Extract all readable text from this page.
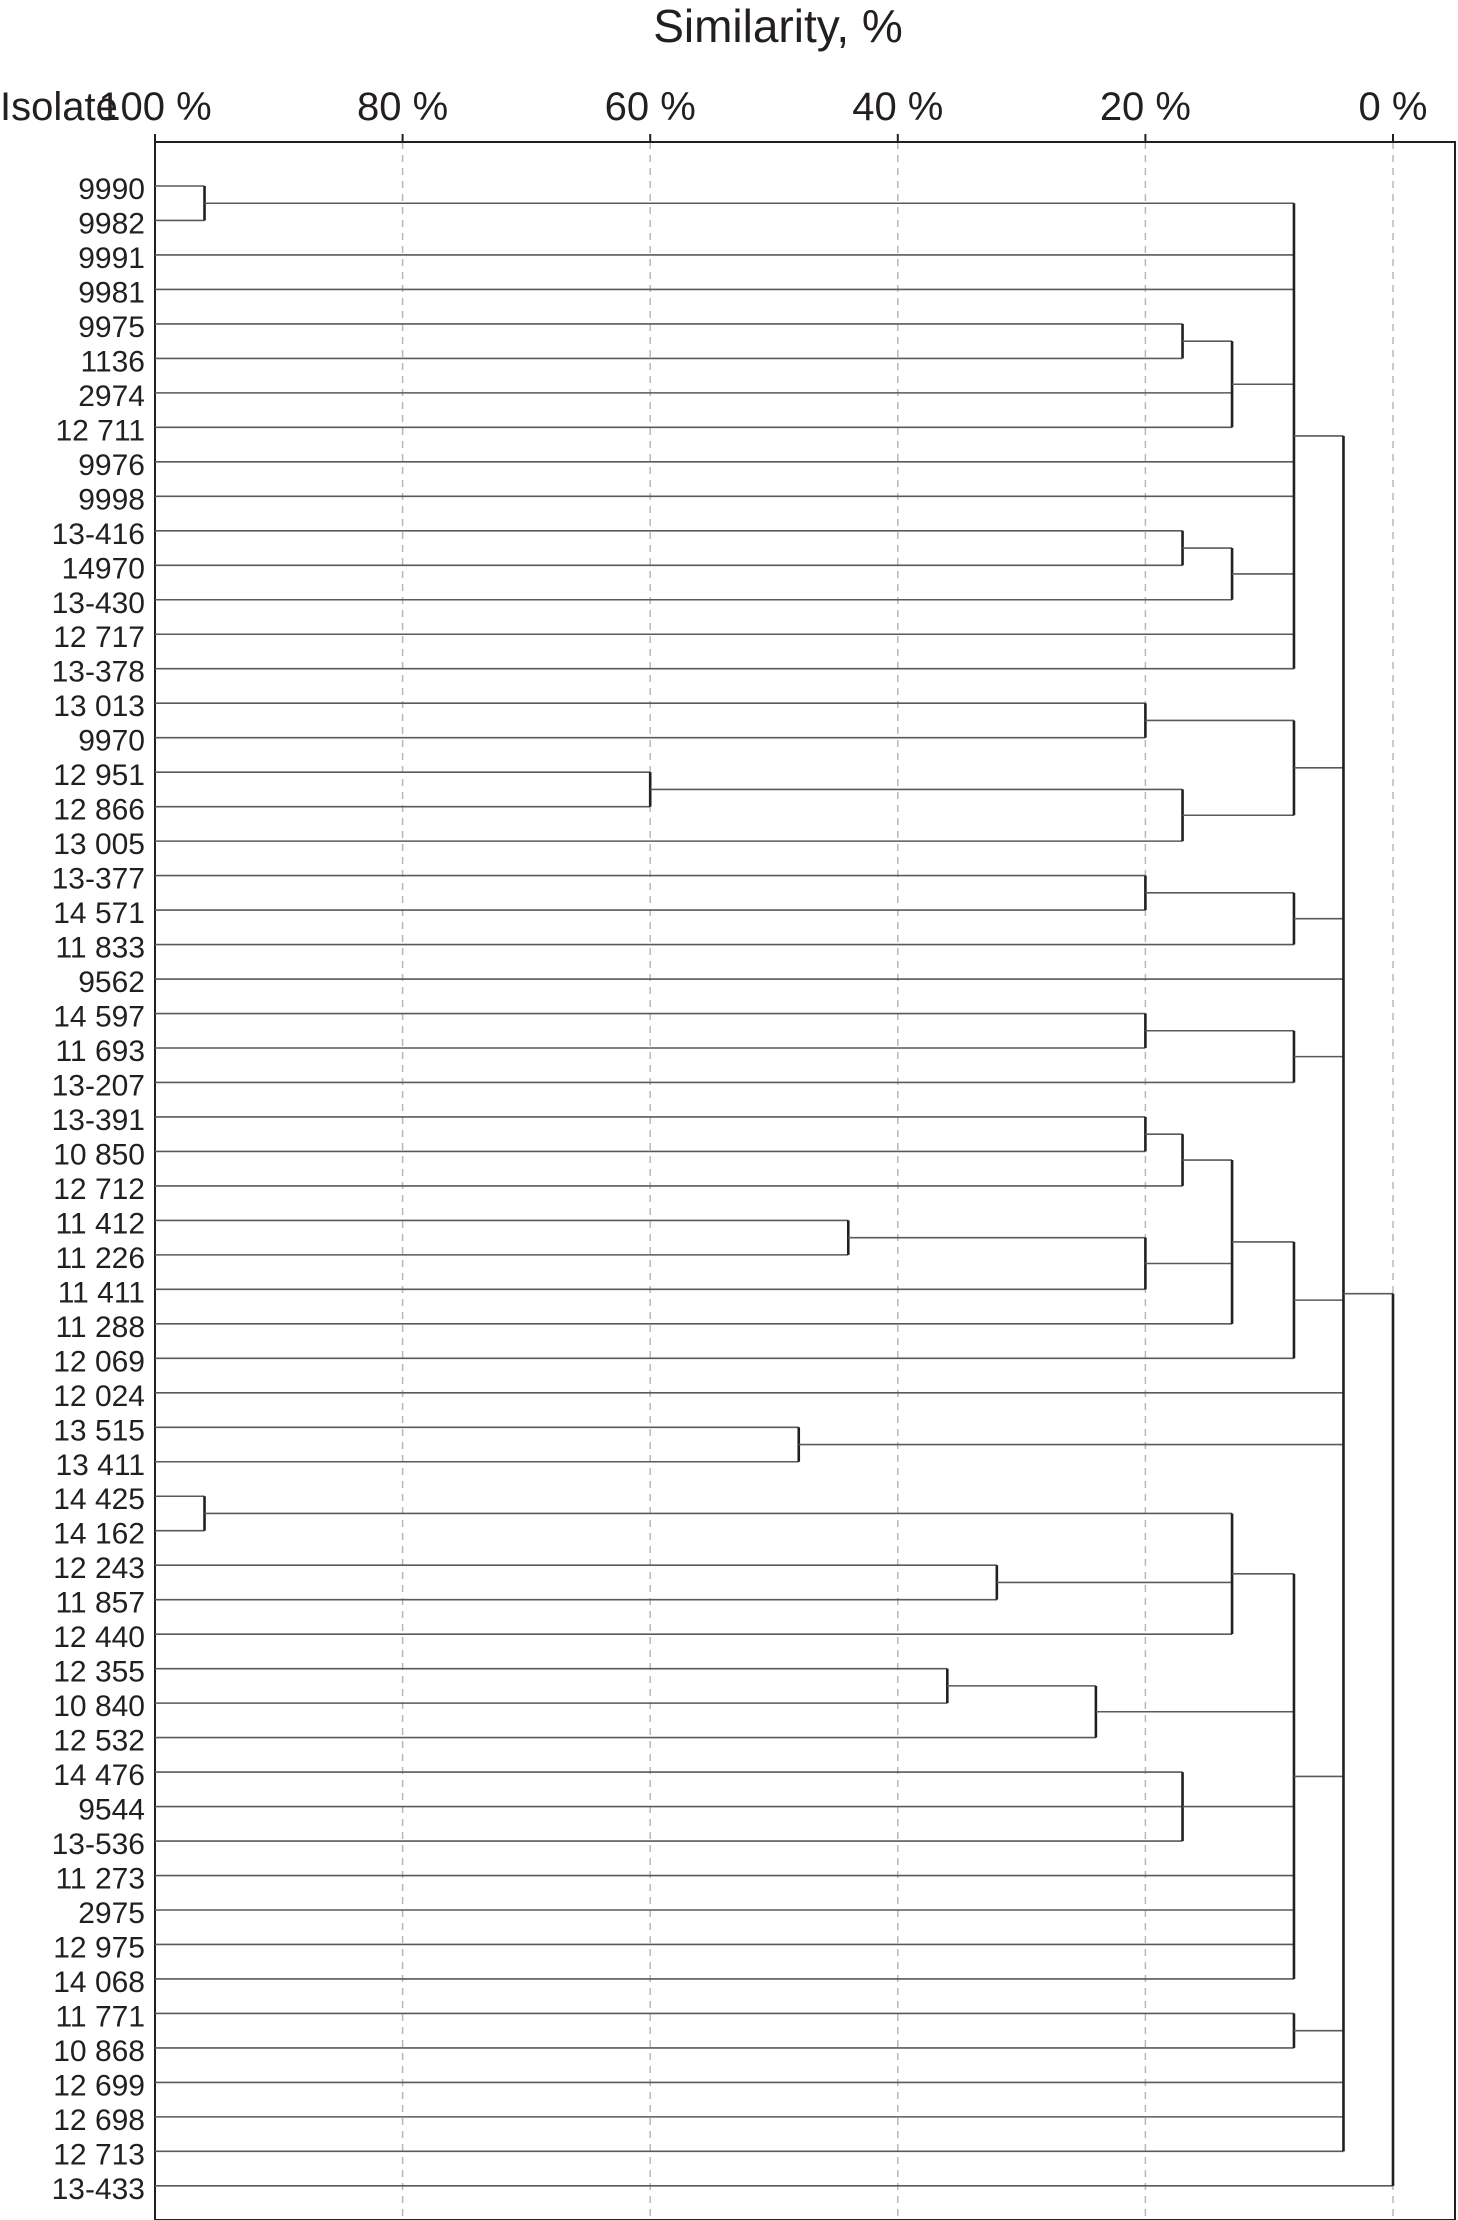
Similarity, %
Isolate
100 %	80 %	60 %	40 %	20 %	0 %
9990
9982
9991
9981
9975
1136
2974
12 711
9976
9998
13-416
14970
13-430
12 717
13-378
13 013
9970
12 951
12 866
13 005
13-377
14 571
11 833
9562
14 597
11 693
13-207
13-391
10 850
12 712
11 412
11 226
11 411
11 288
12 069
12 024
13 515
13 411
14 425
14 162
12 243
11 857
12 440
12 355
10 840
12 532
14 476
9544
13-536
11 273
2975
12 975
14 068
11 771
10 868
12 699
12 698
12 713
13-433
